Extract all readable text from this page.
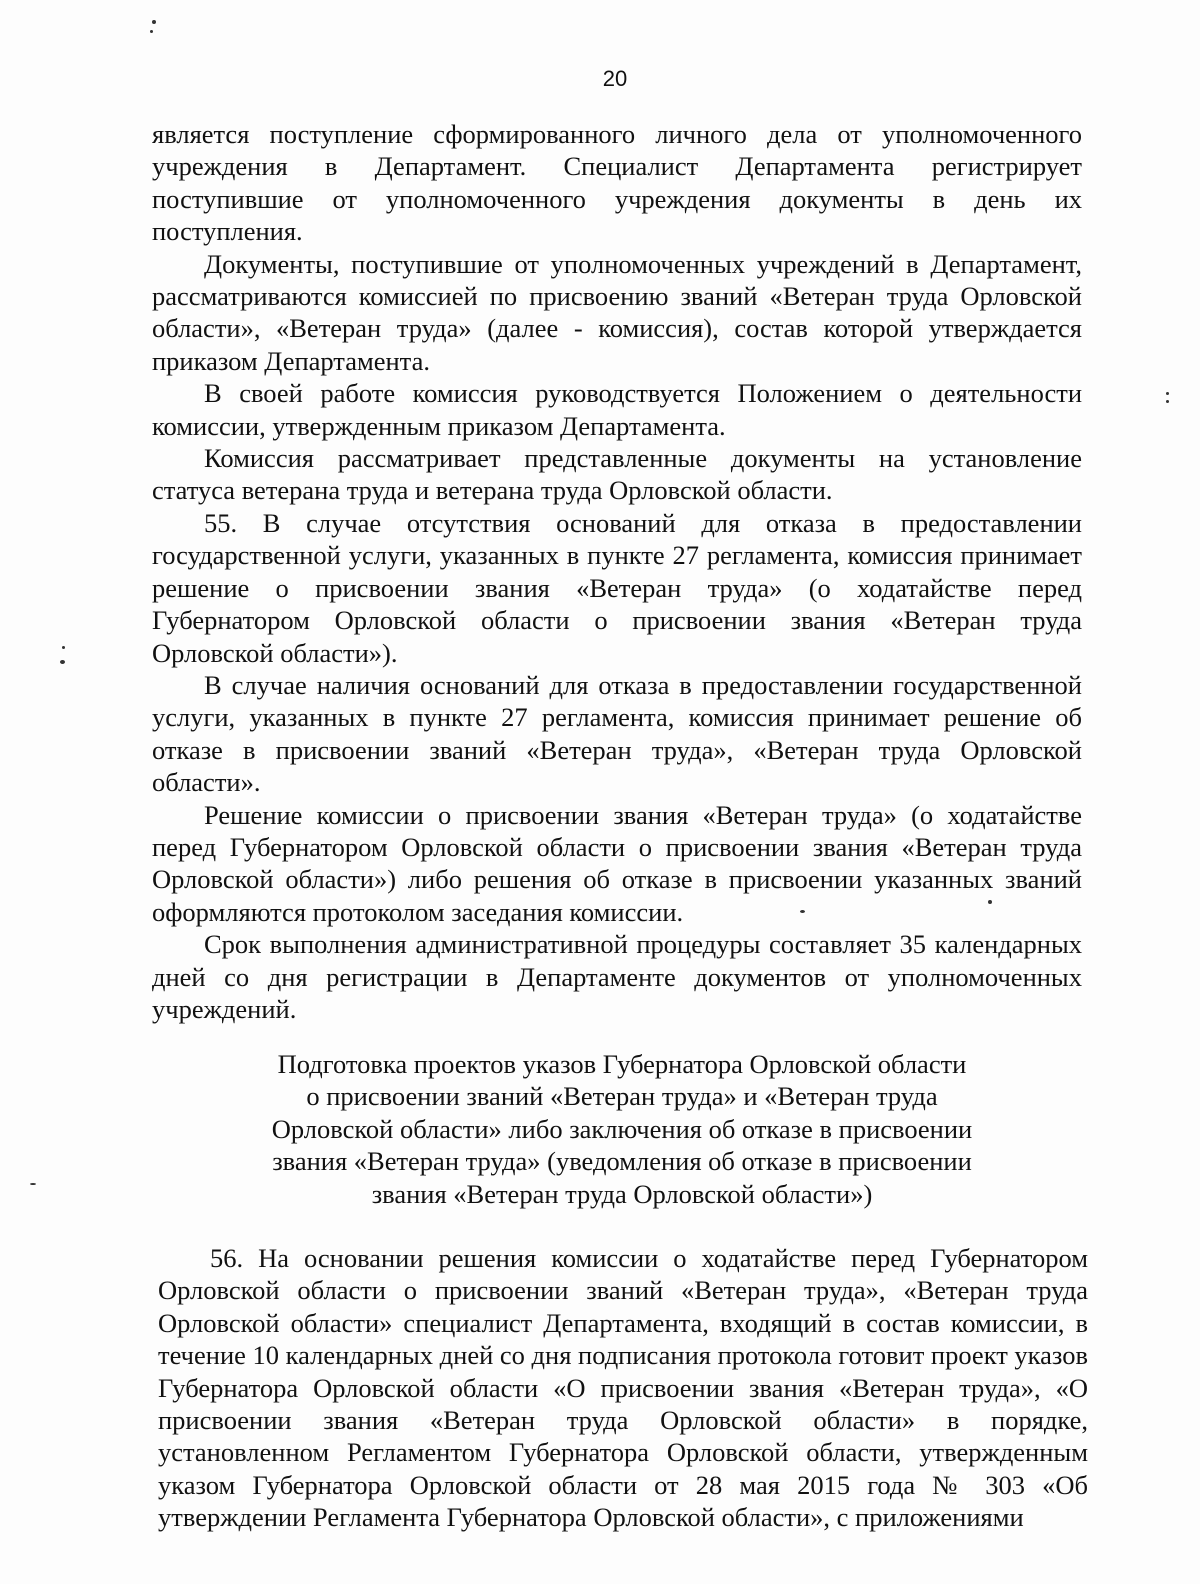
20

является поступление сформированного личного дела от уполномоченного учреждения в Департамент. Специалист Департамента регистрирует поступившие от уполномоченного учреждения документы в день их поступления.

Документы, поступившие от уполномоченных учреждений в Департамент, рассматриваются комиссией по присвоению званий «Ветеран труда Орловской области», «Ветеран труда» (далее - комиссия), состав которой утверждается приказом Департамента.

В своей работе комиссия руководствуется Положением о деятельности комиссии, утвержденным приказом Департамента.

Комиссия рассматривает представленные документы на установление статуса ветерана труда и ветерана труда Орловской области.

55. В случае отсутствия оснований для отказа в предоставлении государственной услуги, указанных в пункте 27 регламента, комиссия принимает решение о присвоении звания «Ветеран труда» (о ходатайстве перед Губернатором Орловской области о присвоении звания «Ветеран труда Орловской области»).

В случае наличия оснований для отказа в предоставлении государственной услуги, указанных в пункте 27 регламента, комиссия принимает решение об отказе в присвоении званий «Ветеран труда», «Ветеран труда Орловской области».

Решение комиссии о присвоении звания «Ветеран труда» (о ходатайстве перед Губернатором Орловской области о присвоении звания «Ветеран труда Орловской области») либо решения об отказе в присвоении указанных званий оформляются протоколом заседания комиссии.

Срок выполнения административной процедуры составляет 35 календарных дней со дня регистрации в Департаменте документов от уполномоченных учреждений.

Подготовка проектов указов Губернатора Орловской области
о присвоении званий «Ветеран труда» и «Ветеран труда
Орловской области» либо заключения об отказе в присвоении
звания «Ветеран труда» (уведомления об отказе в присвоении
звания «Ветеран труда Орловской области»)

56. На основании решения комиссии о ходатайстве перед Губернатором Орловской области о присвоении званий «Ветеран труда», «Ветеран труда Орловской области» специалист Департамента, входящий в состав комиссии, в течение 10 календарных дней со дня подписания протокола готовит проект указов Губернатора Орловской области «О присвоении звания «Ветеран труда», «О присвоении звания «Ветеран труда Орловской области» в порядке, установленном Регламентом Губернатора Орловской области, утвержденным указом Губернатора Орловской области от 28 мая 2015 года № 303 «Об утверждении Регламента Губернатора Орловской области», с приложениями
